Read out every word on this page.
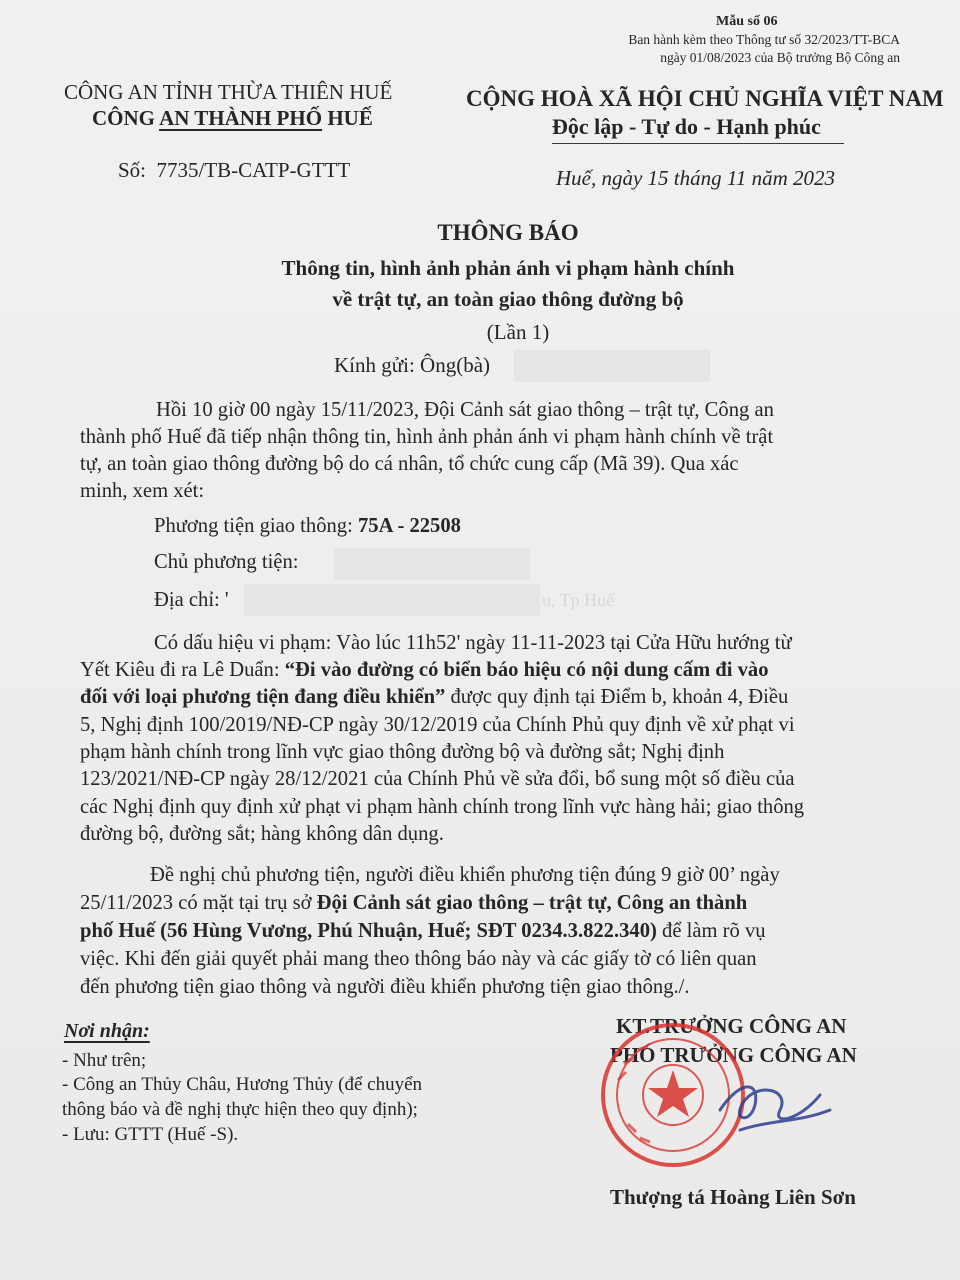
Mẫu số 06
Ban hành kèm theo Thông tư số 32/2023/TT-BCA
ngày 01/08/2023 của Bộ trưởng Bộ Công an
CÔNG AN TỈNH THỪA THIÊN HUẾ
CÔNG AN THÀNH PHỐ HUẾ
Số: 7735/TB-CATP-GTTT
CỘNG HOÀ XÃ HỘI CHỦ NGHĨA VIỆT NAM
Độc lập - Tự do - Hạnh phúc
Huế, ngày 15 tháng 11 năm 2023
THÔNG BÁO
Thông tin, hình ảnh phản ánh vi phạm hành chính
về trật tự, an toàn giao thông đường bộ
(Lần 1)
Kính gửi: Ông(bà)
Hồi 10 giờ 00 ngày 15/11/2023, Đội Cảnh sát giao thông – trật tự, Công an
thành phố Huế đã tiếp nhận thông tin, hình ảnh phản ánh vi phạm hành chính về trật
tự, an toàn giao thông đường bộ do cá nhân, tổ chức cung cấp (Mã 39). Qua xác
minh, xem xét:
Phương tiện giao thông: 75A - 22508
Chủ phương tiện:
Địa chỉ: '	u, Tp Huế
Có dấu hiệu vi phạm: Vào lúc 11h52' ngày 11-11-2023 tại Cửa Hữu hướng từ
Yết Kiêu đi ra Lê Duẩn: “Đi vào đường có biển báo hiệu có nội dung cấm đi vào
đối với loại phương tiện đang điều khiển” được quy định tại Điểm b, khoản 4, Điều
5, Nghị định 100/2019/NĐ-CP ngày 30/12/2019 của Chính Phủ quy định về xử phạt vi
phạm hành chính trong lĩnh vực giao thông đường bộ và đường sắt; Nghị định
123/2021/NĐ-CP ngày 28/12/2021 của Chính Phủ về sửa đổi, bổ sung một số điều của
các Nghị định quy định xử phạt vi phạm hành chính trong lĩnh vực hàng hải; giao thông
đường bộ, đường sắt; hàng không dân dụng.
Đề nghị chủ phương tiện, người điều khiển phương tiện đúng 9 giờ 00’ ngày
25/11/2023 có mặt tại trụ sở Đội Cảnh sát giao thông – trật tự, Công an thành
phố Huế (56 Hùng Vương, Phú Nhuận, Huế; SĐT 0234.3.822.340) để làm rõ vụ
việc. Khi đến giải quyết phải mang theo thông báo này và các giấy tờ có liên quan
đến phương tiện giao thông và người điều khiển phương tiện giao thông./.
Nơi nhận:
- Như trên;
- Công an Thủy Châu, Hương Thủy (để chuyển
thông báo và đề nghị thực hiện theo quy định);
- Lưu: GTTT (Huế -S).
KT.TRƯỞNG CÔNG AN
PHÓ TRƯỞNG CÔNG AN
Thượng tá Hoàng Liên Sơn
